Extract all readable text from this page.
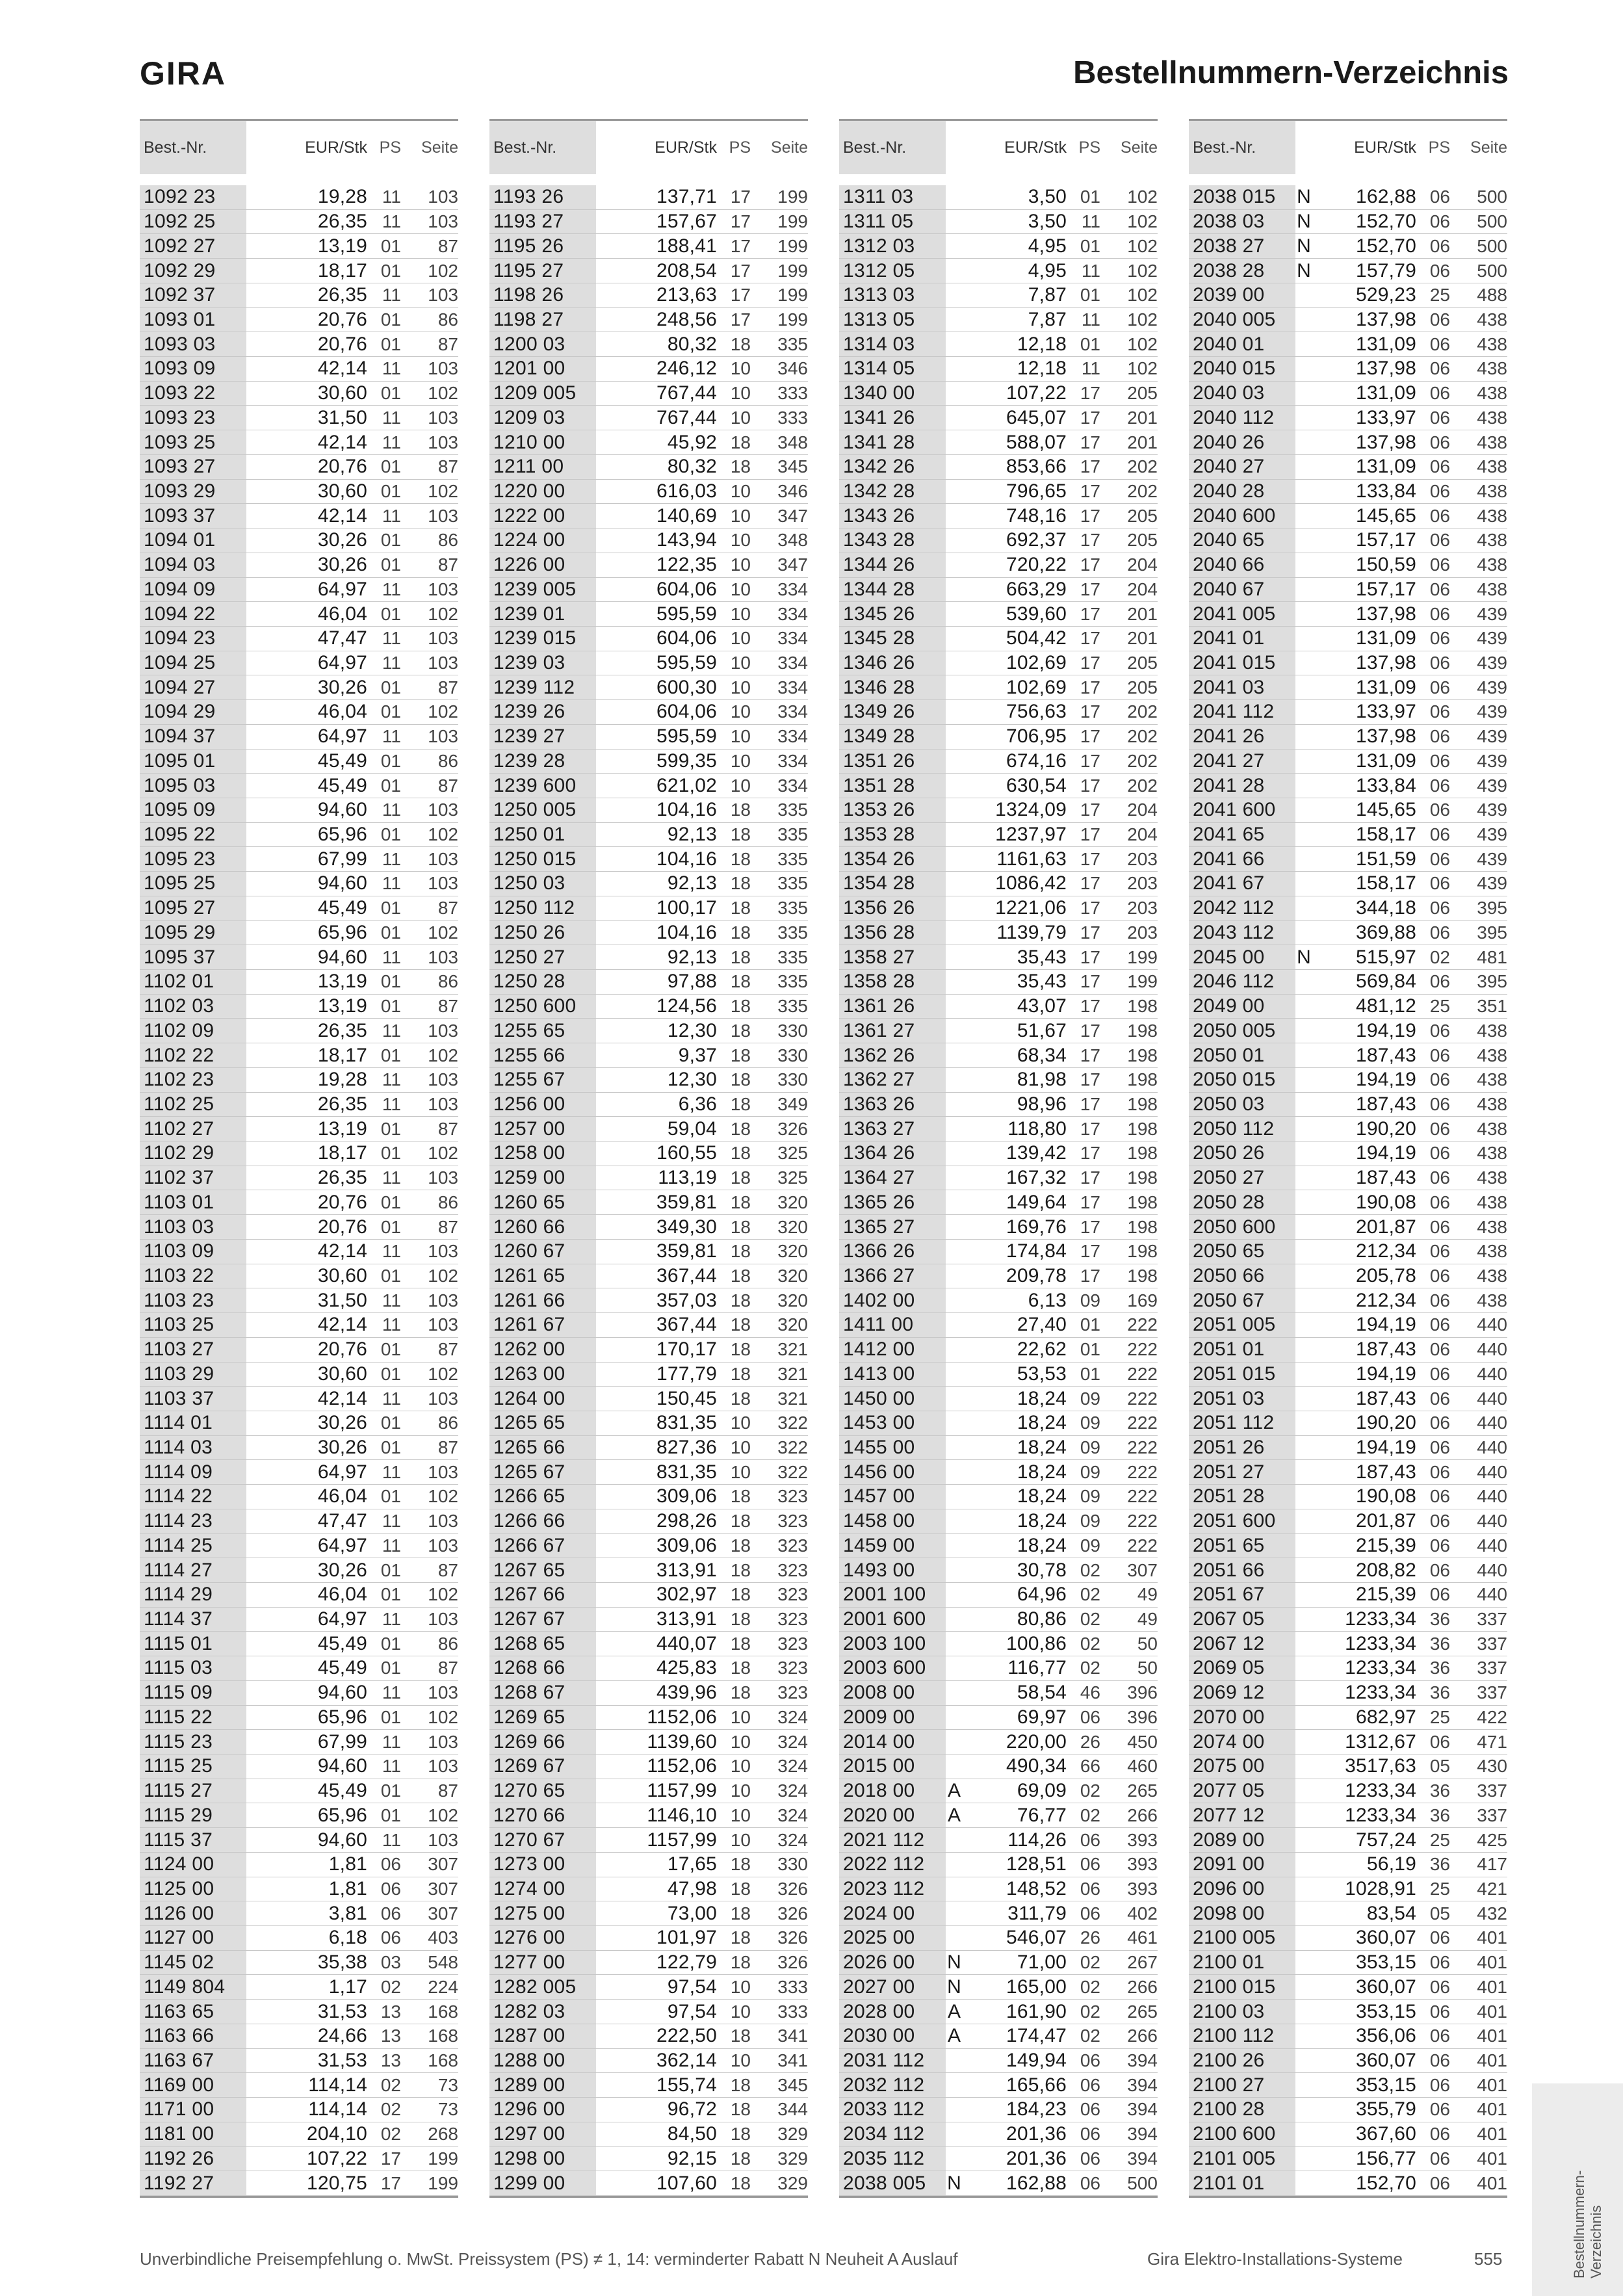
GIRA	Bestellnummern-Verzeichnis
Best.-Nr.	EUR/Stk PS	Seite
1092 23	19,28 11	103
1092 25	26,35 11	103
1092 27	13,19 01	87
1092 29	18,17 01	102
1092 37	26,35 11	103
1093 01	20,76 01	86
1093 03	20,76 01	87
1093 09	42,14 11	103
1093 22	30,60 01	102
1093 23	31,50 11	103
1093 25	42,14 11	103
1093 27	20,76 01	87
1093 29	30,60 01	102
1093 37	42,14 11	103
1094 01	30,26 01	86
1094 03	30,26 01	87
1094 09	64,97 11	103
1094 22	46,04 01	102
1094 23	47,47 11	103
1094 25	64,97 11	103
1094 27	30,26 01	87
1094 29	46,04 01	102
1094 37	64,97 11	103
1095 01	45,49 01	86
1095 03	45,49 01	87
1095 09	94,60 11	103
1095 22	65,96 01	102
1095 23	67,99 11	103
1095 25	94,60 11	103
1095 27	45,49 01	87
1095 29	65,96 01	102
1095 37	94,60 11	103
1102 01	13,19 01	86
1102 03	13,19 01	87
1102 09	26,35 11	103
1102 22	18,17 01	102
1102 23	19,28 11	103
1102 25	26,35 11	103
1102 27	13,19 01	87
1102 29	18,17 01	102
1102 37	26,35 11	103
1103 01	20,76 01	86
1103 03	20,76 01	87
1103 09	42,14 11	103
1103 22	30,60 01	102
1103 23	31,50 11	103
1103 25	42,14 11	103
1103 27	20,76 01	87
1103 29	30,60 01	102
1103 37	42,14 11	103
1114 01	30,26 01	86
1114 03	30,26 01	87
1114 09	64,97 11	103
1114 22	46,04 01	102
1114 23	47,47 11	103
1114 25	64,97 11	103
1114 27	30,26 01	87
1114 29	46,04 01	102
1114 37	64,97 11	103
1115 01	45,49 01	86
1115 03	45,49 01	87
1115 09	94,60 11	103
1115 22	65,96 01	102
1115 23	67,99 11	103
1115 25	94,60 11	103
1115 27	45,49 01	87
1115 29	65,96 01	102
1115 37	94,60 11	103
1124 00	1,81 06	307
1125 00	1,81 06	307
1126 00	3,81 06	307
1127 00	6,18 06	403
1145 02	35,38 03	548
1149 804	1,17 02	224
1163 65	31,53 13	168
1163 66	24,66 13	168
1163 67	31,53 13	168
1169 00	114,14 02	73
1171 00	114,14 02	73
1181 00	204,10 02	268
1192 26	107,22 17	199
1192 27	120,75 17	199
Best.-Nr.	EUR/Stk PS	Seite
1193 26	137,71 17	199
1193 27	157,67 17	199
1195 26	188,41 17	199
1195 27	208,54 17	199
1198 26	213,63 17	199
1198 27	248,56 17	199
1200 03	80,32 18	335
1201 00	246,12 10	346
1209 005	767,44 10	333
1209 03	767,44 10	333
1210 00	45,92 18	348
1211 00	80,32 18	345
1220 00	616,03 10	346
1222 00	140,69 10	347
1224 00	143,94 10	348
1226 00	122,35 10	347
1239 005	604,06 10	334
1239 01	595,59 10	334
1239 015	604,06 10	334
1239 03	595,59 10	334
1239 112	600,30 10	334
1239 26	604,06 10	334
1239 27	595,59 10	334
1239 28	599,35 10	334
1239 600	621,02 10	334
1250 005	104,16 18	335
1250 01	92,13 18	335
1250 015	104,16 18	335
1250 03	92,13 18	335
1250 112	100,17 18	335
1250 26	104,16 18	335
1250 27	92,13 18	335
1250 28	97,88 18	335
1250 600	124,56 18	335
1255 65	12,30 18	330
1255 66	9,37 18	330
1255 67	12,30 18	330
1256 00	6,36 18	349
1257 00	59,04 18	326
1258 00	160,55 18	325
1259 00	113,19 18	325
1260 65	359,81 18	320
1260 66	349,30 18	320
1260 67	359,81 18	320
1261 65	367,44 18	320
1261 66	357,03 18	320
1261 67	367,44 18	320
1262 00	170,17 18	321
1263 00	177,79 18	321
1264 00	150,45 18	321
1265 65	831,35 10	322
1265 66	827,36 10	322
1265 67	831,35 10	322
1266 65	309,06 18	323
1266 66	298,26 18	323
1266 67	309,06 18	323
1267 65	313,91 18	323
1267 66	302,97 18	323
1267 67	313,91 18	323
1268 65	440,07 18	323
1268 66	425,83 18	323
1268 67	439,96 18	323
1269 65	1152,06 10	324
1269 66	1139,60 10	324
1269 67	1152,06 10	324
1270 65	1157,99 10	324
1270 66	1146,10 10	324
1270 67	1157,99 10	324
1273 00	17,65 18	330
1274 00	47,98 18	326
1275 00	73,00 18	326
1276 00	101,97 18	326
1277 00	122,79 18	326
1282 005	97,54 10	333
1282 03	97,54 10	333
1287 00	222,50 18	341
1288 00	362,14 10	341
1289 00	155,74 18	345
1296 00	96,72 18	344
1297 00	84,50 18	329
1298 00	92,15 18	329
1299 00	107,60 18	329
Best.-Nr.	EUR/Stk PS	Seite
1311 03	3,50 01	102
1311 05	3,50 11	102
1312 03	4,95 01	102
1312 05	4,95 11	102
1313 03	7,87 01	102
1313 05	7,87 11	102
1314 03	12,18 01	102
1314 05	12,18 11	102
1340 00	107,22 17	205
1341 26	645,07 17	201
1341 28	588,07 17	201
1342 26	853,66 17	202
1342 28	796,65 17	202
1343 26	748,16 17	205
1343 28	692,37 17	205
1344 26	720,22 17	204
1344 28	663,29 17	204
1345 26	539,60 17	201
1345 28	504,42 17	201
1346 26	102,69 17	205
1346 28	102,69 17	205
1349 26	756,63 17	202
1349 28	706,95 17	202
1351 26	674,16 17	202
1351 28	630,54 17	202
1353 26	1324,09 17	204
1353 28	1237,97 17	204
1354 26	1161,63 17	203
1354 28	1086,42 17	203
1356 26	1221,06 17	203
1356 28	1139,79 17	203
1358 27	35,43 17	199
1358 28	35,43 17	199
1361 26	43,07 17	198
1361 27	51,67 17	198
1362 26	68,34 17	198
1362 27	81,98 17	198
1363 26	98,96 17	198
1363 27	118,80 17	198
1364 26	139,42 17	198
1364 27	167,32 17	198
1365 26	149,64 17	198
1365 27	169,76 17	198
1366 26	174,84 17	198
1366 27	209,78 17	198
1402 00	6,13 09	169
1411 00	27,40 01	222
1412 00	22,62 01	222
1413 00	53,53 01	222
1450 00	18,24 09	222
1453 00	18,24 09	222
1455 00	18,24 09	222
1456 00	18,24 09	222
1457 00	18,24 09	222
1458 00	18,24 09	222
1459 00	18,24 09	222
1493 00	30,78 02	307
2001 100	64,96 02	49
2001 600	80,86 02	49
2003 100	100,86 02	50
2003 600	116,77 02	50
2008 00	58,54 46	396
2009 00	69,97 06	396
2014 00	220,00 26	450
2015 00	490,34 66	460
2018 00	A	69,09 02	265
2020 00	A	76,77 02	266
2021 112	114,26 06	393
2022 112	128,51 06	393
2023 112	148,52 06	393
2024 00	311,79 06	402
2025 00	546,07 26	461
2026 00	N	71,00 02	267
2027 00	N	165,00 02	266
2028 00	A	161,90 02	265
2030 00	A	174,47 02	266
2031 112	149,94 06	394
2032 112	165,66 06	394
2033 112	184,23 06	394
2034 112	201,36 06	394
2035 112	201,36 06	394
2038 005	N	162,88 06	500
Best.-Nr.	EUR/Stk PS	Seite
2038 015	N	162,88 06	500
2038 03	N	152,70 06	500
2038 27	N	152,70 06	500
2038 28	N	157,79 06	500
2039 00	529,23 25	488
2040 005	137,98 06	438
2040 01	131,09 06	438
2040 015	137,98 06	438
2040 03	131,09 06	438
2040 112	133,97 06	438
2040 26	137,98 06	438
2040 27	131,09 06	438
2040 28	133,84 06	438
2040 600	145,65 06	438
2040 65	157,17 06	438
2040 66	150,59 06	438
2040 67	157,17 06	438
2041 005	137,98 06	439
2041 01	131,09 06	439
2041 015	137,98 06	439
2041 03	131,09 06	439
2041 112	133,97 06	439
2041 26	137,98 06	439
2041 27	131,09 06	439
2041 28	133,84 06	439
2041 600	145,65 06	439
2041 65	158,17 06	439
2041 66	151,59 06	439
2041 67	158,17 06	439
2042 112	344,18 06	395
2043 112	369,88 06	395
2045 00	N	515,97 02	481
2046 112	569,84 06	395
2049 00	481,12 25	351
2050 005	194,19 06	438
2050 01	187,43 06	438
2050 015	194,19 06	438
2050 03	187,43 06	438
2050 112	190,20 06	438
2050 26	194,19 06	438
2050 27	187,43 06	438
2050 28	190,08 06	438
2050 600	201,87 06	438
2050 65	212,34 06	438
2050 66	205,78 06	438
2050 67	212,34 06	438
2051 005	194,19 06	440
2051 01	187,43 06	440
2051 015	194,19 06	440
2051 03	187,43 06	440
2051 112	190,20 06	440
2051 26	194,19 06	440
2051 27	187,43 06	440
2051 28	190,08 06	440
2051 600	201,87 06	440
2051 65	215,39 06	440
2051 66	208,82 06	440
2051 67	215,39 06	440
2067 05	1233,34 36	337
2067 12	1233,34 36	337
2069 05	1233,34 36	337
2069 12	1233,34 36	337
2070 00	682,97 25	422
2074 00	1312,67 06	471
2075 00	3517,63 05	430
2077 05	1233,34 36	337
2077 12	1233,34 36	337
2089 00	757,24 25	425
2091 00	56,19 36	417
2096 00	1028,91 25	421
2098 00	83,54 05	432
2100 005	360,07 06	401
2100 01	353,15 06	401
2100 015	360,07 06	401
2100 03	353,15 06	401
2100 112	356,06 06	401
2100 26	360,07 06	401
2100 27	353,15 06	401
2100 28	355,79 06	401
2100 600	367,60 06	401
2101 005	156,77 06	401
2101 01	152,70 06	401
Unverbindliche Preisempfehlung o. MwSt. Preissystem (PS) ≠ 1, 14: verminderter Rabatt N Neuheit A Auslauf	Gira Elektro-Installations-Systeme	555	Bestellnummern-Verzeichnis
